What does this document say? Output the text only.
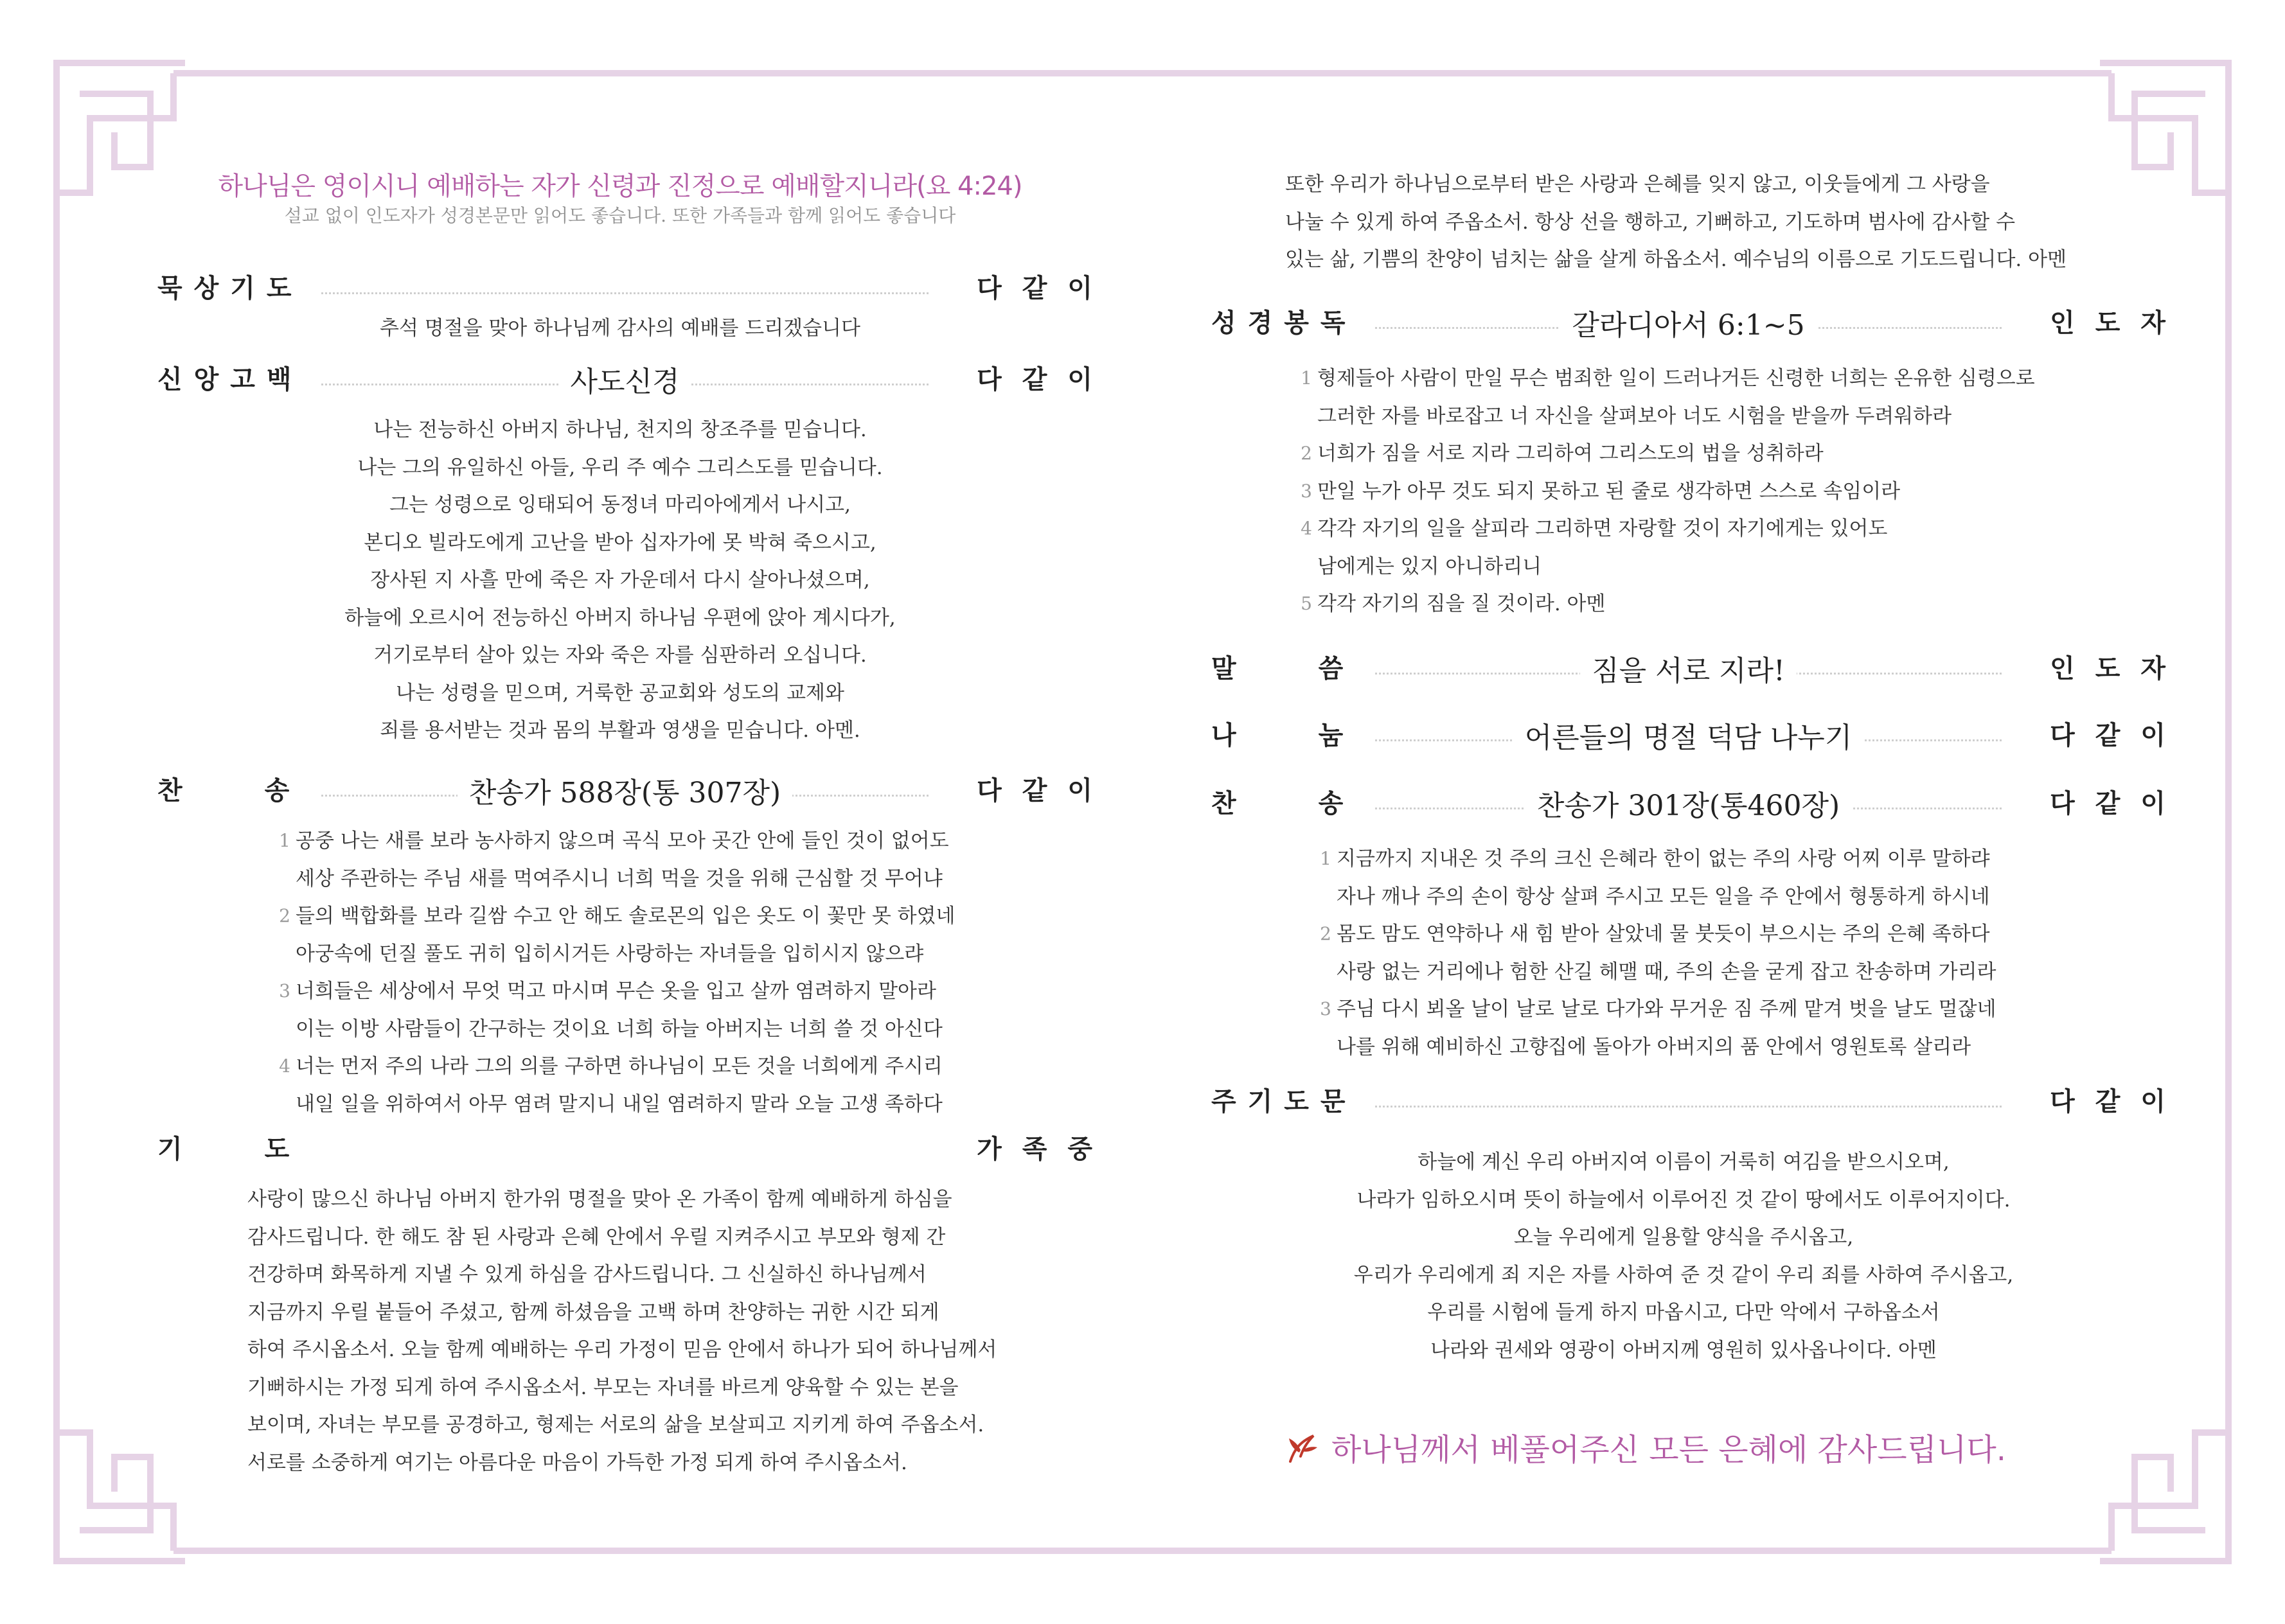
하나님은 영이시니 예배하는 자가 신령과 진정으로 예배할지니라(요 4:24)
설교 없이 인도자가 성경본문만 읽어도 좋습니다. 또한 가족들과 함께 읽어도 좋습니다
묵상기도	다같이
추석 명절을 맞아 하나님께 감사의 예배를 드리겠습니다
신앙고백	사도신경	다같이
나는 전능하신 아버지 하나님, 천지의 창조주를 믿습니다.
나는 그의 유일하신 아들, 우리 주 예수 그리스도를 믿습니다.
그는 성령으로 잉태되어 동정녀 마리아에게서 나시고,
본디오 빌라도에게 고난을 받아 십자가에 못 박혀 죽으시고,
장사된 지 사흘 만에 죽은 자 가운데서 다시 살아나셨으며,
하늘에 오르시어 전능하신 아버지 하나님 우편에 앉아 계시다가,
거기로부터 살아 있는 자와 죽은 자를 심판하러 오십니다.
나는 성령을 믿으며, 거룩한 공교회와 성도의 교제와
죄를 용서받는 것과 몸의 부활과 영생을 믿습니다. 아멘.
찬송	찬송가 588장(통 307장)	다같이
1 공중 나는 새를 보라 농사하지 않으며 곡식 모아 곳간 안에 들인 것이 없어도
세상 주관하는 주님 새를 먹여주시니 너희 먹을 것을 위해 근심할 것 무어냐
2 들의 백합화를 보라 길쌈 수고 안 해도 솔로몬의 입은 옷도 이 꽃만 못 하였네
아궁속에 던질 풀도 귀히 입히시거든 사랑하는 자녀들을 입히시지 않으랴
3 너희들은 세상에서 무엇 먹고 마시며 무슨 옷을 입고 살까 염려하지 말아라
이는 이방 사람들이 간구하는 것이요 너희 하늘 아버지는 너희 쓸 것 아신다
4 너는 먼저 주의 나라 그의 의를 구하면 하나님이 모든 것을 너희에게 주시리
내일 일을 위하여서 아무 염려 말지니 내일 염려하지 말라 오늘 고생 족하다
기도	가족중
사랑이 많으신 하나님 아버지 한가위 명절을 맞아 온 가족이 함께 예배하게 하심을
감사드립니다. 한 해도 참 된 사랑과 은혜 안에서 우릴 지켜주시고 부모와 형제 간
건강하며 화목하게 지낼 수 있게 하심을 감사드립니다. 그 신실하신 하나님께서
지금까지 우릴 붙들어 주셨고, 함께 하셨음을 고백 하며 찬양하는 귀한 시간 되게
하여 주시옵소서. 오늘 함께 예배하는 우리 가정이 믿음 안에서 하나가 되어 하나님께서
기뻐하시는 가정 되게 하여 주시옵소서. 부모는 자녀를 바르게 양육할 수 있는 본을
보이며, 자녀는 부모를 공경하고, 형제는 서로의 삶을 보살피고 지키게 하여 주옵소서.
서로를 소중하게 여기는 아름다운 마음이 가득한 가정 되게 하여 주시옵소서.
또한 우리가 하나님으로부터 받은 사랑과 은혜를 잊지 않고, 이웃들에게 그 사랑을
나눌 수 있게 하여 주옵소서. 항상 선을 행하고, 기뻐하고, 기도하며 범사에 감사할 수
있는 삶, 기쁨의 찬양이 넘치는 삶을 살게 하옵소서. 예수님의 이름으로 기도드립니다. 아멘
성경봉독	갈라디아서 6:1~5	인도자
1 형제들아 사람이 만일 무슨 범죄한 일이 드러나거든 신령한 너희는 온유한 심령으로
그러한 자를 바로잡고 너 자신을 살펴보아 너도 시험을 받을까 두려워하라
2 너희가 짐을 서로 지라 그리하여 그리스도의 법을 성취하라
3 만일 누가 아무 것도 되지 못하고 된 줄로 생각하면 스스로 속임이라
4 각각 자기의 일을 살피라 그리하면 자랑할 것이 자기에게는 있어도
남에게는 있지 아니하리니
5 각각 자기의 짐을 질 것이라. 아멘
말씀	짐을 서로 지라!	인도자
나눔	어른들의 명절 덕담 나누기	다같이
찬송	찬송가 301장(통460장)	다같이
1 지금까지 지내온 것 주의 크신 은혜라 한이 없는 주의 사랑 어찌 이루 말하랴
자나 깨나 주의 손이 항상 살펴 주시고 모든 일을 주 안에서 형통하게 하시네
2 몸도 맘도 연약하나 새 힘 받아 살았네 물 붓듯이 부으시는 주의 은혜 족하다
사랑 없는 거리에나 험한 산길 헤맬 때, 주의 손을 굳게 잡고 찬송하며 가리라
3 주님 다시 뵈올 날이 날로 날로 다가와 무거운 짐 주께 맡겨 벗을 날도 멀잖네
나를 위해 예비하신 고향집에 돌아가 아버지의 품 안에서 영원토록 살리라
주기도문	다같이
하늘에 계신 우리 아버지여 이름이 거룩히 여김을 받으시오며,
나라가 임하오시며 뜻이 하늘에서 이루어진 것 같이 땅에서도 이루어지이다.
오늘 우리에게 일용할 양식을 주시옵고,
우리가 우리에게 죄 지은 자를 사하여 준 것 같이 우리 죄를 사하여 주시옵고,
우리를 시험에 들게 하지 마옵시고, 다만 악에서 구하옵소서
나라와 권세와 영광이 아버지께 영원히 있사옵나이다. 아멘
하나님께서 베풀어주신 모든 은혜에 감사드립니다.
